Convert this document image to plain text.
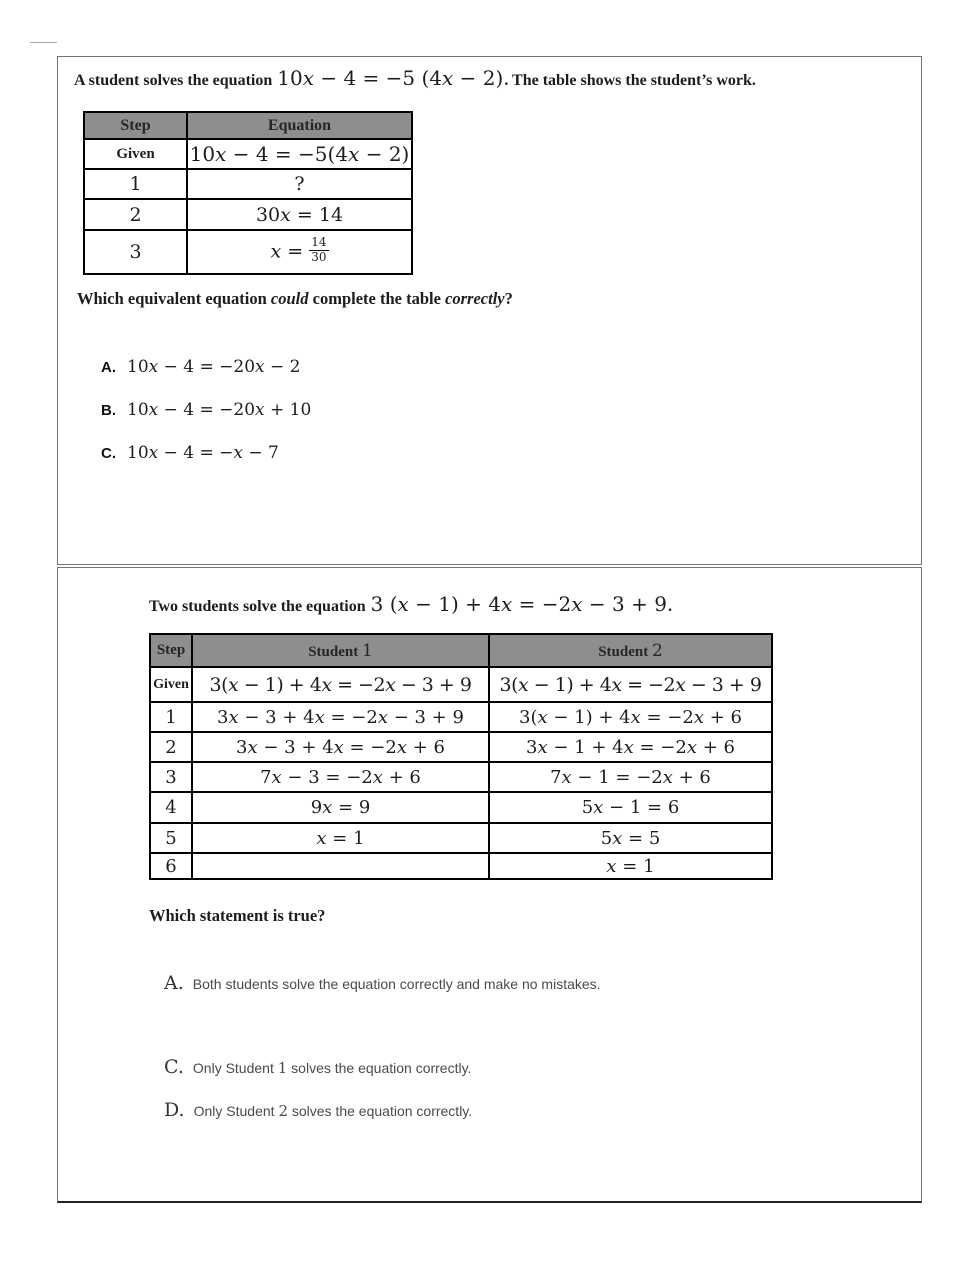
A student solves the equation 10x − 4 = −5 (4x − 2). The table shows the student’s work.

Step	Equation
Given	10x − 4 = −5(4x − 2)
1	?
2	30x = 14
3	$x = \frac{14}{30}$

Which equivalent equation could complete the table correctly?

A. 10x − 4 = −20x − 2
B. 10x − 4 = −20x + 10
C. 10x − 4 = −x − 7

Two students solve the equation 3 (x − 1) + 4x = −2x − 3 + 9.

Step	Student 1	Student 2
Given	3(x − 1) + 4x = −2x − 3 + 9	3(x − 1) + 4x = −2x − 3 + 9
1	3x − 3 + 4x = −2x − 3 + 9	3(x − 1) + 4x = −2x + 6
2	3x − 3 + 4x = −2x + 6	3x − 1 + 4x = −2x + 6
3	7x − 3 = −2x + 6	7x − 1 = −2x + 6
4	9x = 9	5x − 1 = 6
5	x = 1	5x = 5
6		x = 1

Which statement is true?

A. Both students solve the equation correctly and make no mistakes.
C. Only Student 1 solves the equation correctly.
D. Only Student 2 solves the equation correctly.
